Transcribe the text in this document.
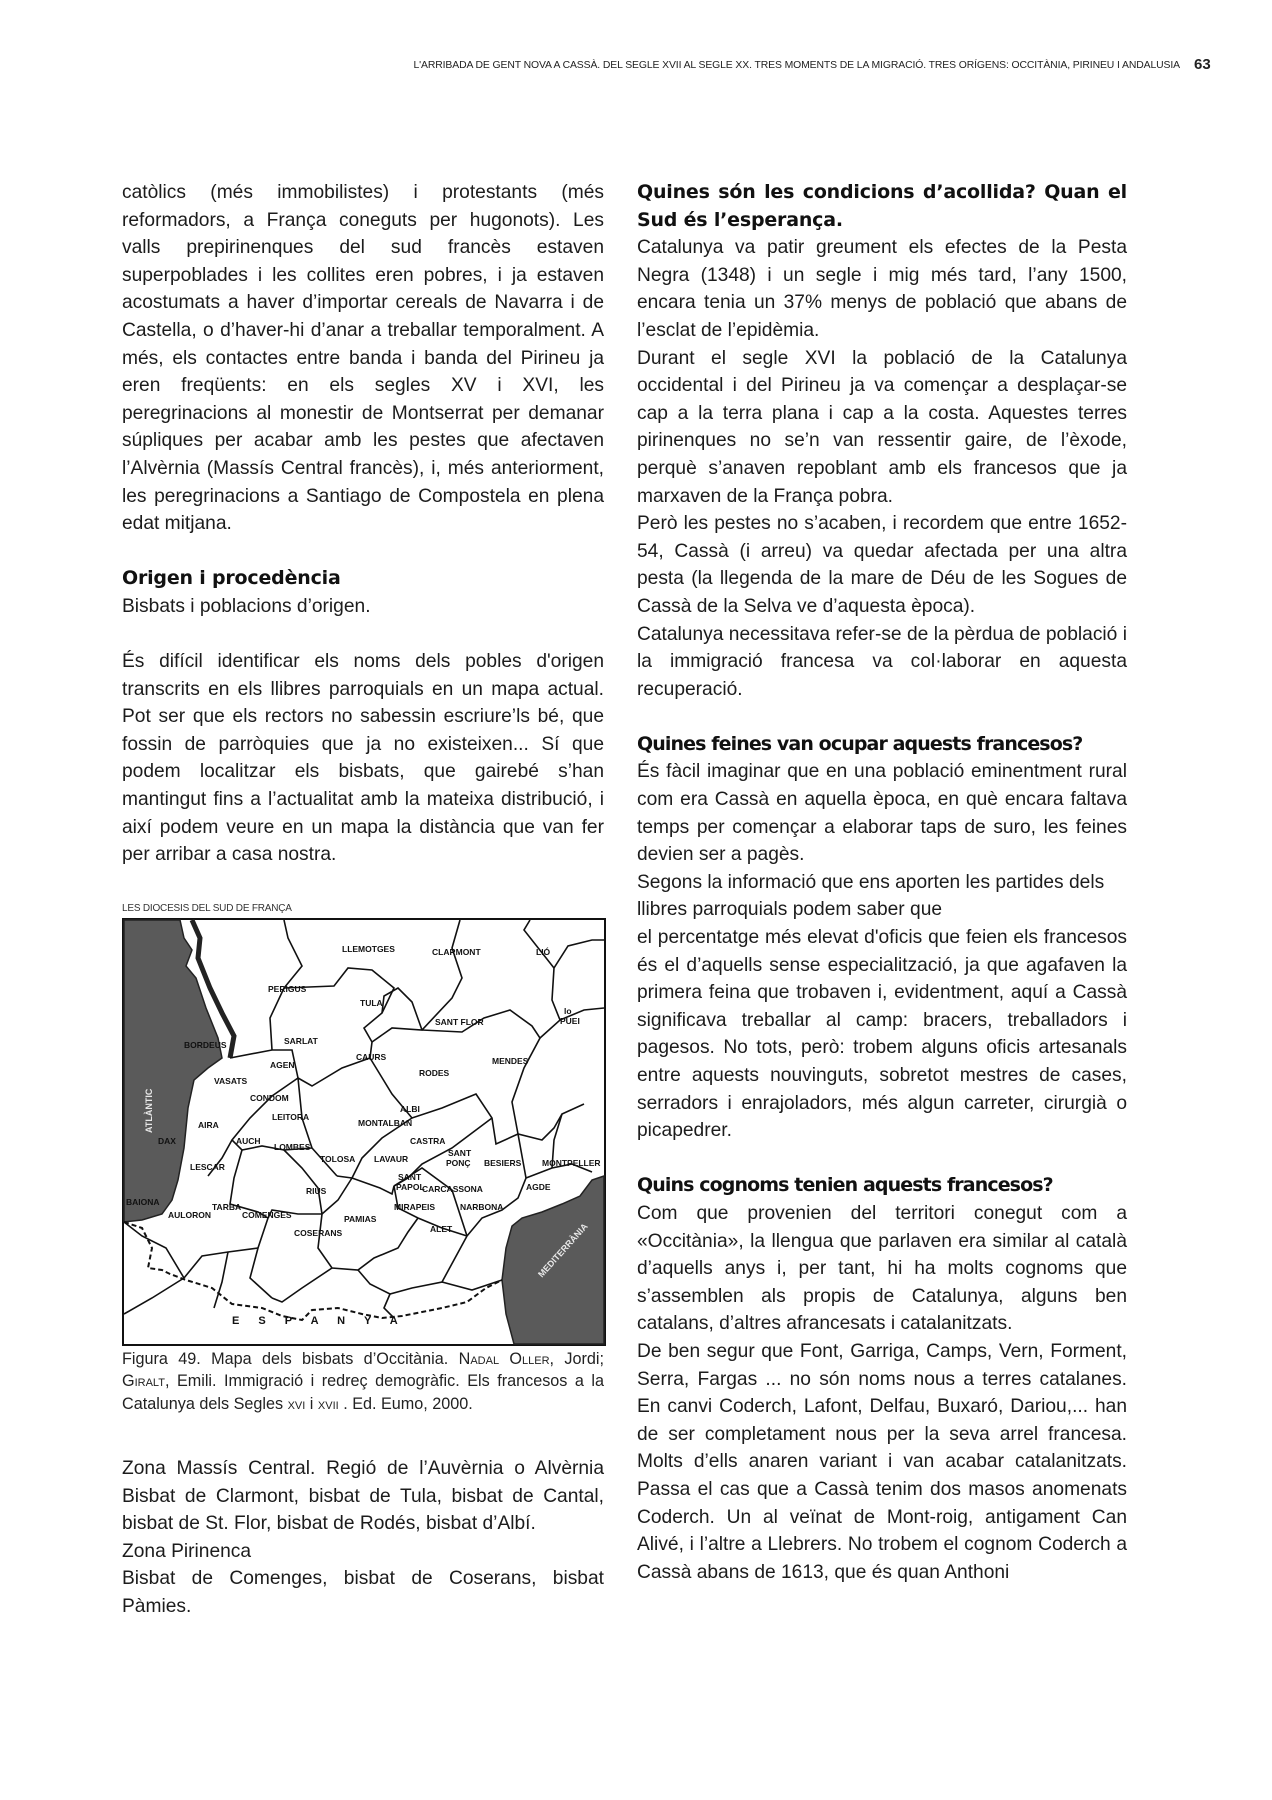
L'ARRIBADA DE GENT NOVA A CASSÀ. DEL SEGLE XVII AL SEGLE XX. TRES MOMENTS DE LA MIGRACIÓ. TRES ORÍGENS: OCCITÀNIA, PIRINEU I ANDALUSIA 63

catòlics (més immobilistes) i protestants (més reformadors, a França coneguts per hugonots). Les valls prepirinenques del sud francès estaven superpoblades i les collites eren pobres, i ja estaven acostumats a haver d’importar cereals de Navarra i de Castella, o d’haver-hi d’anar a treballar temporalment. A més, els contactes entre banda i banda del Pirineu ja eren freqüents: en els segles XV i XVI, les peregrinacions al monestir de Montserrat per demanar súpliques per acabar amb les pestes que afectaven l’Alvèrnia (Massís Central francès), i, més anteriorment, les peregrinacions a Santiago de Compostela en plena edat mitjana.

Origen i procedència

Bisbats i poblacions d’origen.

És difícil identificar els noms dels pobles d'origen transcrits en els llibres parroquials en un mapa actual. Pot ser que els rectors no sabessin escriure’ls bé, que fossin de parròquies que ja no existeixen... Sí que podem localitzar els bisbats, que gairebé s’han mantingut fins a l’actualitat amb la mateixa distribució, i així podem veure en un mapa la distància que van fer per arribar a casa nostra.

LES DIOCESIS DEL SUD DE FRANÇA
ATLÀNTIC
MEDITERRÀNIA
LLEMOTGES	CLARMONT	LIÓ
PERIGUS
TULA
lo
PUEI
SANT FLOR
BORDEUS	SARLAT
CAURS
AGEN
RODES
MENDES
VASATS
CONDOM
ALBI
LEITORA
MONTALBAN
AIRA
DAX	AUCH	CASTRA
LOMBES
TOLOSA LAVAUR
SANT
PONÇ BESIERS MONTPELLER
LESCAR
SANT
PAPOL	AGDE
CARCASSONA
RIUS
BAIONA	TARBA	MIRAPEIS	NARBONA
AULORON	COMENGES	PAMIAS
ALET
COSERANS
E S P A N Y A
Figura 49. Mapa dels bisbats d’Occitània. Nadal Oller, Jordi; Giralt, Emili. Immigració i redreç demogràfic. Els francesos a la Catalunya dels Segles xvi i xvii . Ed. Eumo, 2000.

Zona Massís Central. Regió de l’Auvèrnia o Alvèrnia

Bisbat de Clarmont, bisbat de Tula, bisbat de Cantal, bisbat de St. Flor, bisbat de Rodés, bisbat d’Albí.

Zona Pirinenca

Bisbat de Comenges, bisbat de Coserans, bisbat Pàmies.

Quines són les condicions d’acollida? Quan el Sud és l’esperança.

Catalunya va patir greument els efectes de la Pesta Negra (1348) i un segle i mig més tard, l’any 1500, encara tenia un 37% menys de població que abans de l’esclat de l’epidèmia.

Durant el segle XVI la població de la Catalunya occidental i del Pirineu ja va començar a desplaçar-se cap a la terra plana i cap a la costa. Aquestes terres pirinenques no se’n van ressentir gaire, de l’èxode, perquè s’anaven repoblant amb els francesos que ja marxaven de la França pobra.

Però les pestes no s’acaben, i recordem que entre 1652-54, Cassà (i arreu) va quedar afectada per una altra pesta (la llegenda de la mare de Déu de les Sogues de Cassà de la Selva ve d’aquesta època).

Catalunya necessitava refer-se de la pèrdua de població i la immigració francesa va col·laborar en aquesta recuperació.

Quines feines van ocupar aquests francesos?

És fàcil imaginar que en una població eminentment rural com era Cassà en aquella època, en què encara faltava temps per començar a elaborar taps de suro, les feines devien ser a pagès.

Segons la informació que ens aporten les partides dels llibres parroquials podem saber que

el percentatge més elevat d'oficis que feien els francesos és el d’aquells sense especialització, ja que agafaven la primera feina que trobaven i, evidentment, aquí a Cassà significava treballar al camp: bracers, treballadors i pagesos. No tots, però: trobem alguns oficis artesanals entre aquests nouvinguts, sobretot mestres de cases, serradors i enrajoladors, més algun carreter, cirurgià o picapedrer.

Quins cognoms tenien aquests francesos?

Com que provenien del territori conegut com a «Occitània», la llengua que parlaven era similar al català d’aquells anys i, per tant, hi ha molts cognoms que s’assemblen als propis de Catalunya, alguns ben catalans, d’altres afrancesats i catalanitzats.

De ben segur que Font, Garriga, Camps, Vern, Forment, Serra, Fargas ... no són noms nous a terres catalanes. En canvi Coderch, Lafont, Delfau, Buxaró, Dariou,... han de ser completament nous per la seva arrel francesa. Molts d’ells anaren variant i van acabar catalanitzats. Passa el cas que a Cassà tenim dos masos anomenats Coderch. Un al veïnat de Mont-roig, antigament Can Alivé, i l’altre a Llebrers. No trobem el cognom Coderch a Cassà abans de 1613, que és quan Anthoni
